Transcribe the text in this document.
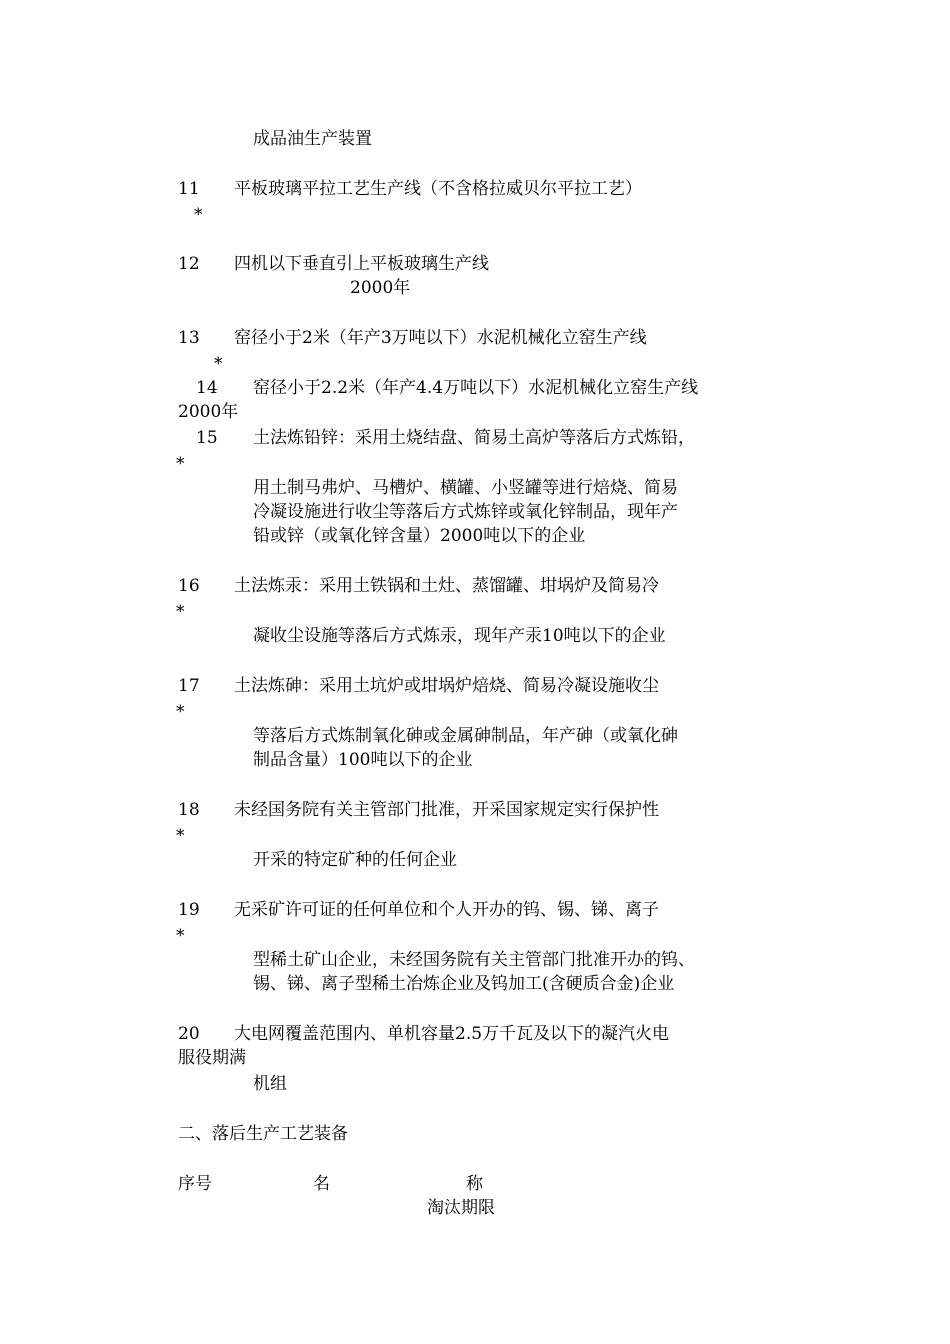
成品油生产装置
11 平板玻璃平拉工艺生产线（不含格拉威贝尔平拉工艺）
*
12 四机以下垂直引上平板玻璃生产线
2000年
13 窑径小于2米（年产3万吨以下）水泥机械化立窑生产线
*
14 窑径小于2.2米（年产4.4万吨以下）水泥机械化立窑生产线
2000年
15 土法炼铅锌：采用土烧结盘、简易土高炉等落后方式炼铅，
*
用土制马弗炉、马槽炉、横罐、小竖罐等进行焙烧、简易
冷凝设施进行收尘等落后方式炼锌或氧化锌制品，现年产
铅或锌（或氧化锌含量）2000吨以下的企业
16 土法炼汞：采用土铁锅和土灶、蒸馏罐、坩埚炉及简易冷
*
凝收尘设施等落后方式炼汞，现年产汞10吨以下的企业
17 土法炼砷：采用土坑炉或坩埚炉焙烧、简易冷凝设施收尘
*
等落后方式炼制氧化砷或金属砷制品，年产砷（或氧化砷
制品含量）100吨以下的企业
18 未经国务院有关主管部门批准，开采国家规定实行保护性
*
开采的特定矿种的任何企业
19 无采矿许可证的任何单位和个人开办的钨、锡、锑、离子
*
型稀土矿山企业，未经国务院有关主管部门批准开办的钨、
锡、锑、离子型稀土冶炼企业及钨加工(含硬质合金)企业
20 大电网覆盖范围内、单机容量2.5万千瓦及以下的凝汽火电
服役期满
机组
二、落后生产工艺装备
序号	名	称
淘汰期限
